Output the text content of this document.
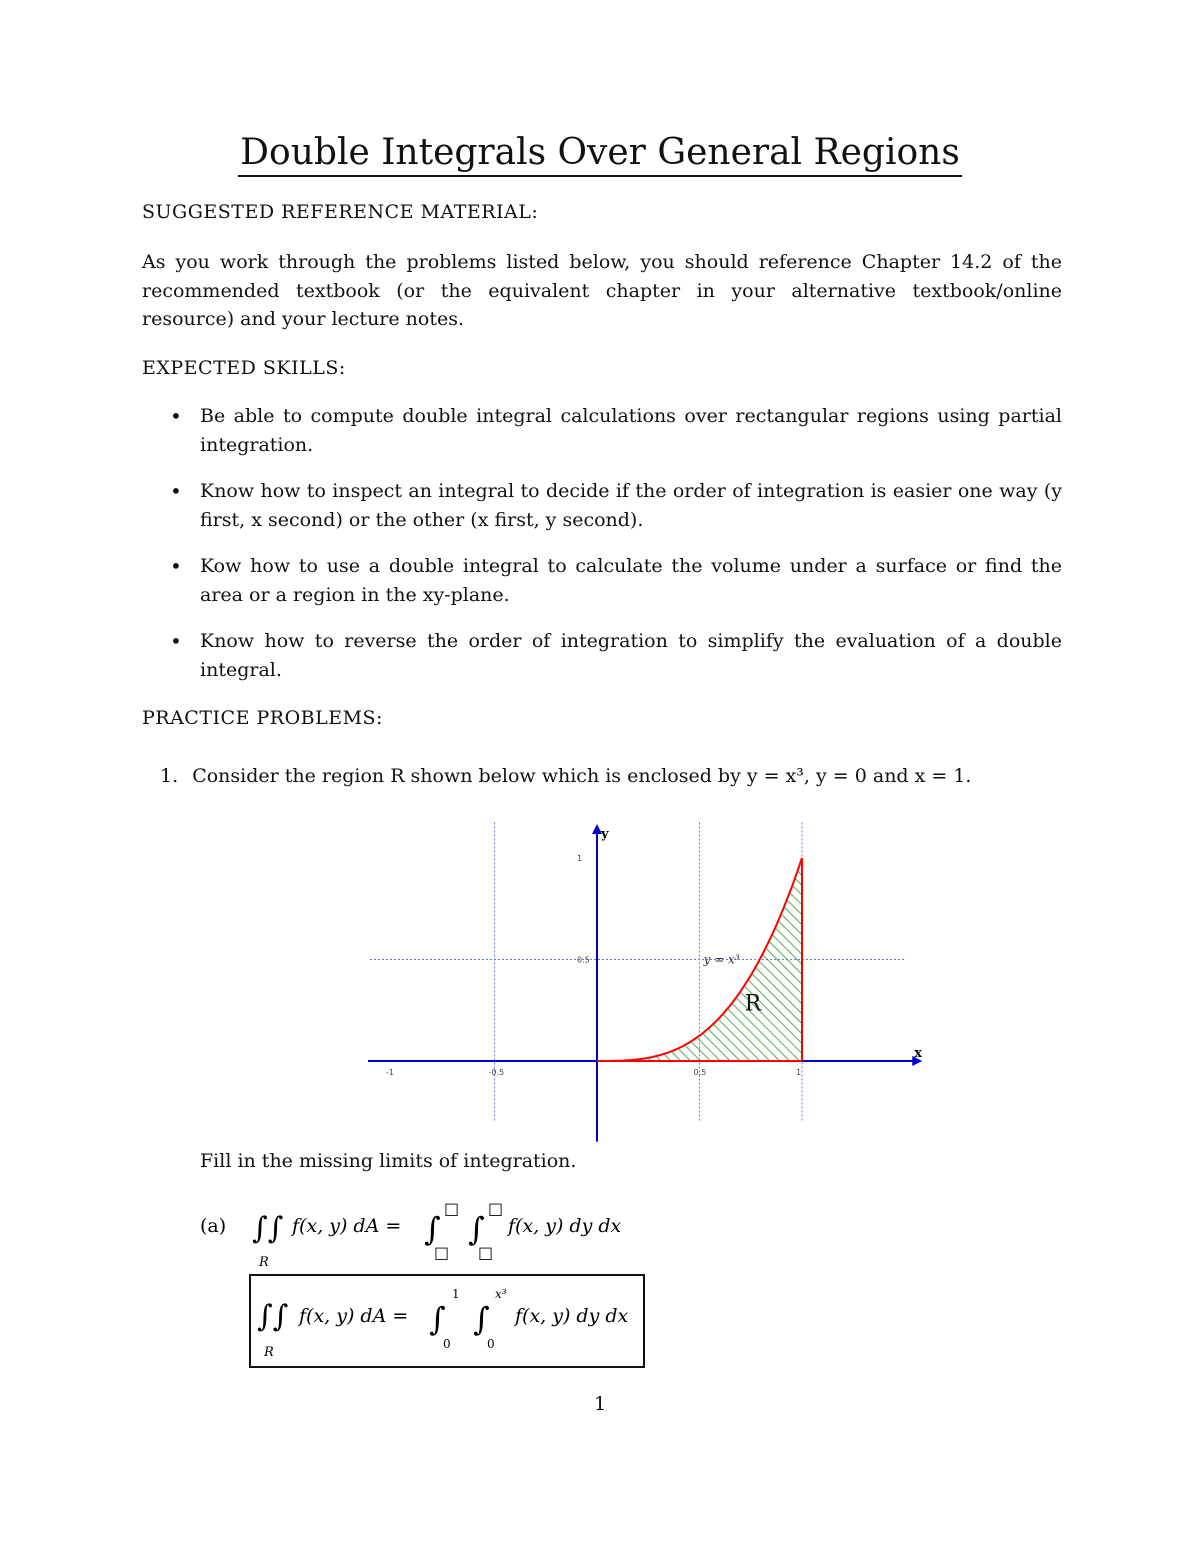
Double Integrals Over General Regions

SUGGESTED REFERENCE MATERIAL:

As you work through the problems listed below, you should reference Chapter 14.2 of the recommended textbook (or the equivalent chapter in your alternative textbook/online resource) and your lecture notes.

EXPECTED SKILLS:

• Be able to compute double integral calculations over rectangular regions using partial integration.
• Know how to inspect an integral to decide if the order of integration is easier one way (y first, x second) or the other (x first, y second).
• Kow how to use a double integral to calculate the volume under a surface or find the area or a region in the xy-plane.
• Know how to reverse the order of integration to simplify the evaluation of a double integral.

PRACTICE PROBLEMS:

1. Consider the region R shown below which is enclosed by y = x³, y = 0 and x = 1.
-1	-0.5	0.5	1
0.5
1
x
y
y = x³
R
Fill in the missing limits of integration.
(a) ∫∫
R
f(x, y) dA = ∫
□
□
∫
□
□
f(x, y) dy dx
∫∫
R
f(x, y) dA = ∫
1
0
∫
x³
0
f(x, y) dy dx
1
